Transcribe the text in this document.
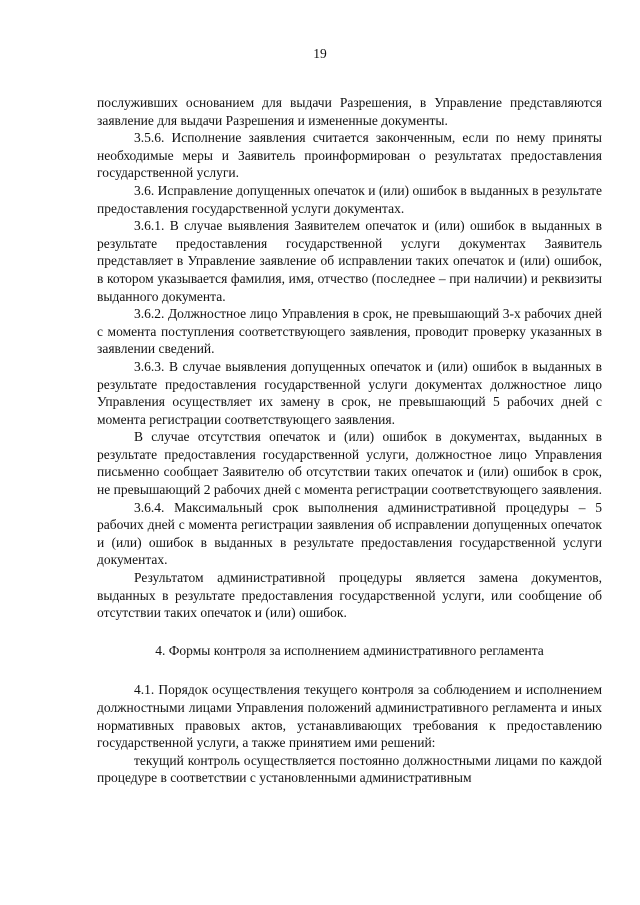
19

послуживших основанием для выдачи Разрешения, в Управление представляются заявление для выдачи Разрешения и измененные документы.

3.5.6. Исполнение заявления считается законченным, если по нему приняты необходимые меры и Заявитель проинформирован о результатах предоставления государственной услуги.

3.6. Исправление допущенных опечаток и (или) ошибок в выданных в результате предоставления государственной услуги документах.

3.6.1. В случае выявления Заявителем опечаток и (или) ошибок в выданных в результате предоставления государственной услуги документах Заявитель представляет в Управление заявление об исправлении таких опечаток и (или) ошибок, в котором указывается фамилия, имя, отчество (последнее – при наличии) и реквизиты выданного документа.

3.6.2. Должностное лицо Управления в срок, не превышающий 3-х рабочих дней с момента поступления соответствующего заявления, проводит проверку указанных в заявлении сведений.

3.6.3. В случае выявления допущенных опечаток и (или) ошибок в выданных в результате предоставления государственной услуги документах должностное лицо Управления осуществляет их замену в срок, не превышающий 5 рабочих дней с момента регистрации соответствующего заявления.

В случае отсутствия опечаток и (или) ошибок в документах, выданных в результате предоставления государственной услуги, должностное лицо Управления письменно сообщает Заявителю об отсутствии таких опечаток и (или) ошибок в срок, не превышающий 2 рабочих дней с момента регистрации соответствующего заявления.

3.6.4. Максимальный срок выполнения административной процедуры – 5 рабочих дней с момента регистрации заявления об исправлении допущенных опечаток и (или) ошибок в выданных в результате предоставления государственной услуги документах.

Результатом административной процедуры является замена документов, выданных в результате предоставления государственной услуги, или сообщение об отсутствии таких опечаток и (или) ошибок.

4. Формы контроля за исполнением административного регламента

4.1. Порядок осуществления текущего контроля за соблюдением и исполнением должностными лицами Управления положений административного регламента и иных нормативных правовых актов, устанавливающих требования к предоставлению государственной услуги, а также принятием ими решений:

текущий контроль осуществляется постоянно должностными лицами по каждой процедуре в соответствии с установленными административным
